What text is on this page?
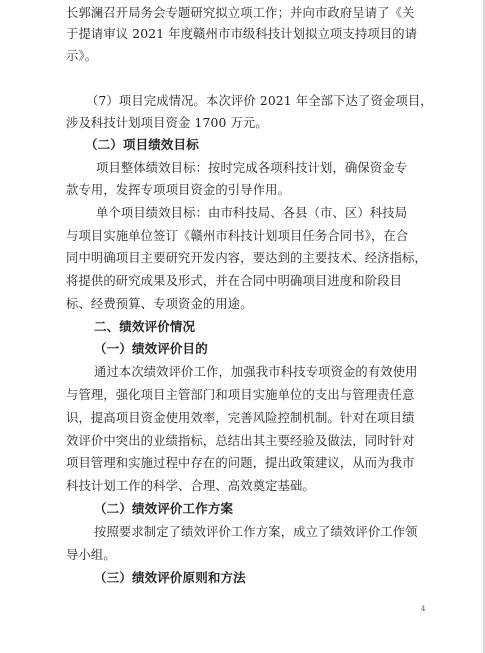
长郭澜召开局务会专题研究拟立项工作；并向市政府呈请了《关
于提请审议 2021 年度赣州市市级科技计划拟立项支持项目的请
示》。
（7）项目完成情况。本次评价 2021 年全部下达了资金项目，
涉及科技计划项目资金 1700 万元。
（二）项目绩效目标
项目整体绩效目标：按时完成各项科技计划，确保资金专
款专用，发挥专项项目资金的引导作用。
单个项目绩效目标：由市科技局、各县（市、区）科技局
与项目实施单位签订《赣州市科技计划项目任务合同书》，在合
同中明确项目主要研究开发内容，要达到的主要技术、经济指标，
将提供的研究成果及形式，并在合同中明确项目进度和阶段目
标、经费预算、专项资金的用途。
二、绩效评价情况
（一）绩效评价目的
通过本次绩效评价工作，加强我市科技专项资金的有效使用
与管理，强化项目主管部门和项目实施单位的支出与管理责任意
识，提高项目资金使用效率，完善风险控制机制。针对在项目绩
效评价中突出的业绩指标，总结出其主要经验及做法，同时针对
项目管理和实施过程中存在的问题，提出政策建议，从而为我市
科技计划工作的科学、合理、高效奠定基础。
（二）绩效评价工作方案
按照要求制定了绩效评价工作方案，成立了绩效评价工作领
导小组。
（三）绩效评价原则和方法
4
